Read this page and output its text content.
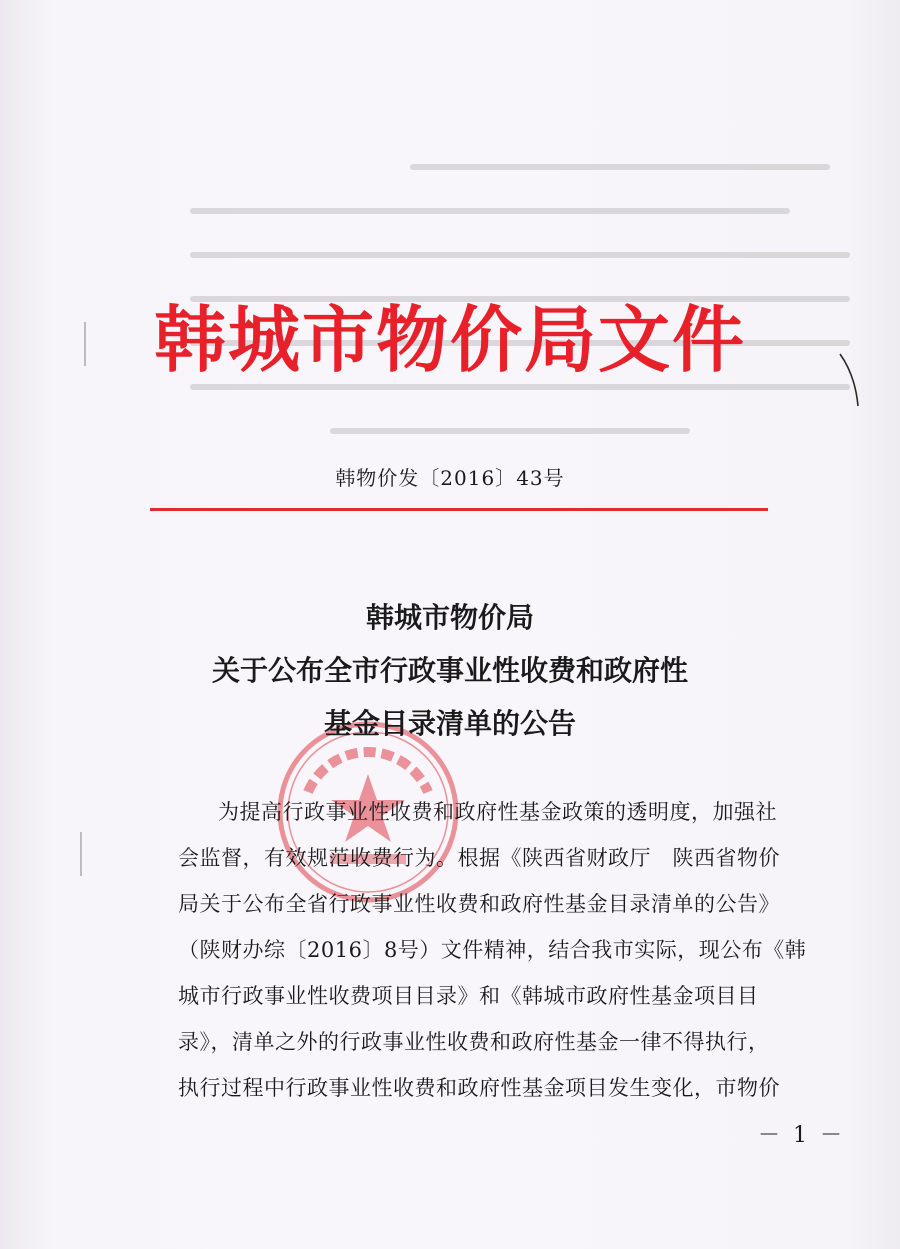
韩城市物价局文件
韩物价发〔2016〕43号
韩城市物价局
关于公布全市行政事业性收费和政府性
基金目录清单的公告
为提高行政事业性收费和政府性基金政策的透明度，加强社
会监督，有效规范收费行为。根据《陕西省财政厅　陕西省物价
局关于公布全省行政事业性收费和政府性基金目录清单的公告》
（陕财办综〔2016〕8号）文件精神，结合我市实际，现公布《韩
城市行政事业性收费项目目录》和《韩城市政府性基金项目目
录》，清单之外的行政事业性收费和政府性基金一律不得执行，
执行过程中行政事业性收费和政府性基金项目发生变化，市物价
－ 1 －
